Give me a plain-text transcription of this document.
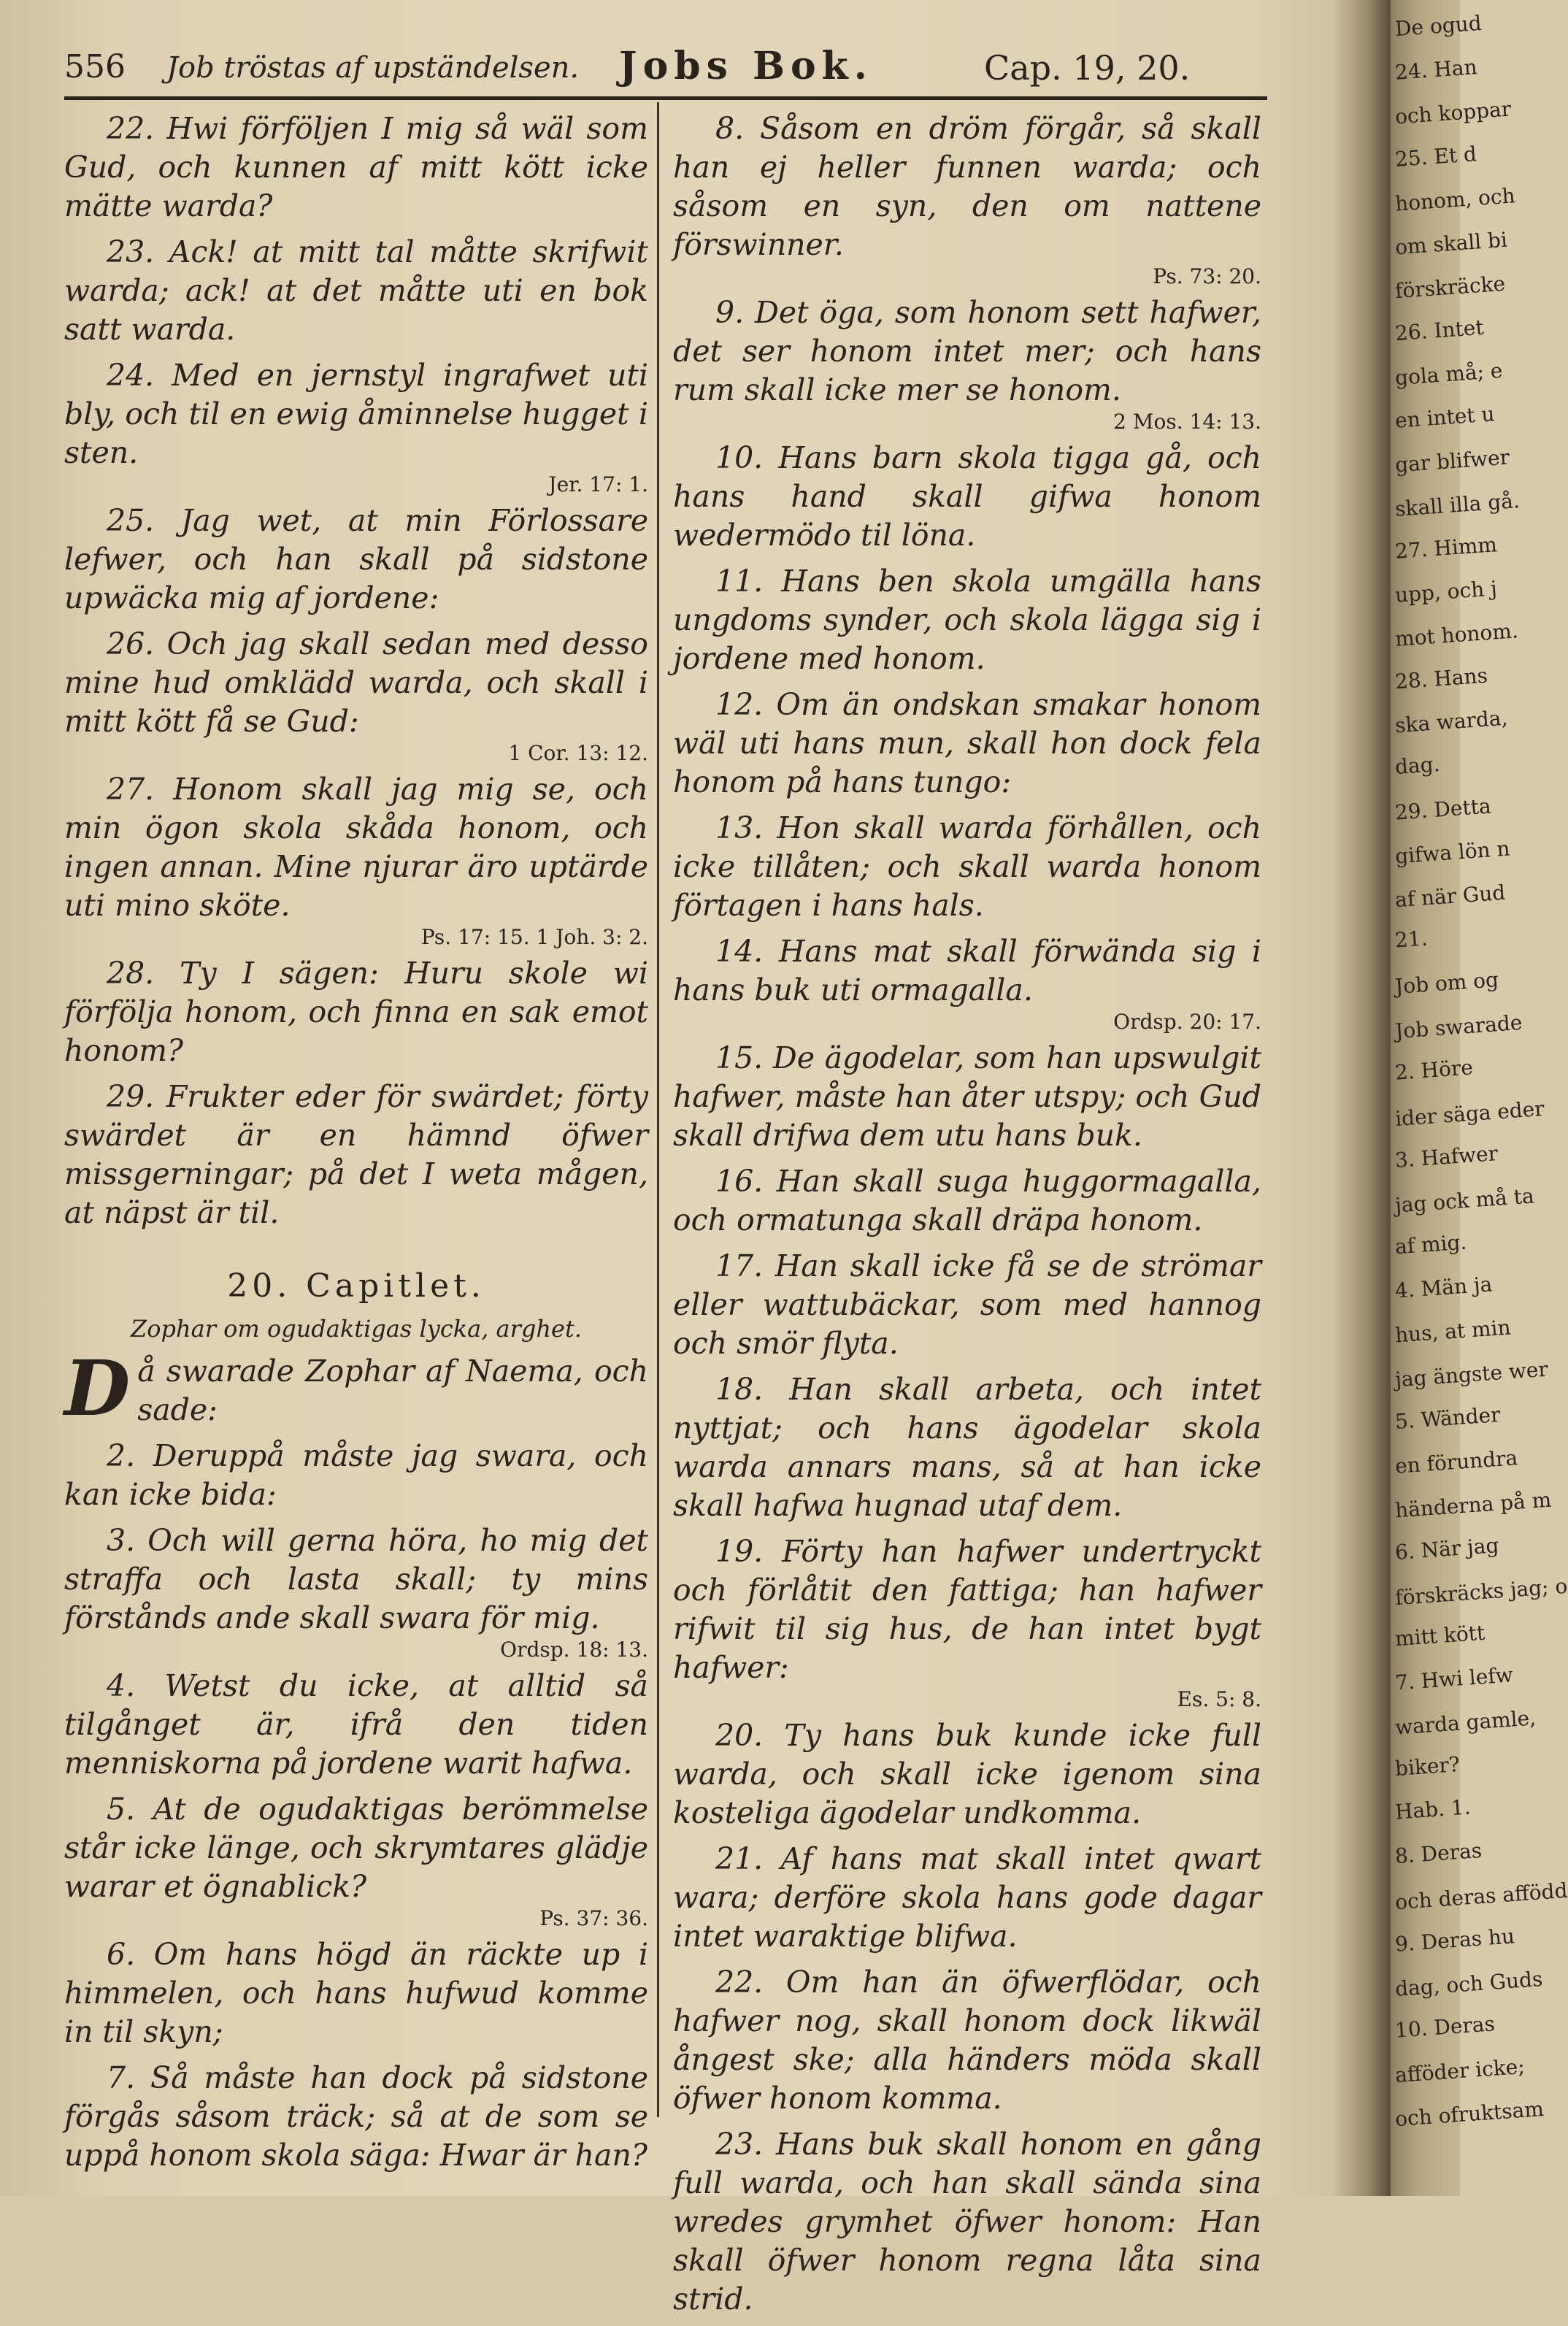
556 Job tröstas af upständelsen. Jobs Bok.	Cap. 19, 20.

22. Hwi förföljen I mig så wäl som Gud, och kunnen af mitt kött icke mätte warda?

23. Ack! at mitt tal måtte skrifwit warda; ack! at det måtte uti en bok satt warda.

24. Med en jernstyl ingrafwet uti bly, och til en ewig åminnelse hugget i sten.

Jer. 17: 1.

25. Jag wet, at min Förlossare lefwer, och han skall på sidstone upwäcka mig af jordene:

26. Och jag skall sedan med desso mine hud omklädd warda, och skall i mitt kött få se Gud:

1 Cor. 13: 12.

27. Honom skall jag mig se, och min ögon skola skåda honom, och ingen annan. Mine njurar äro uptärde uti mino sköte.

Ps. 17: 15. 1 Joh. 3: 2.

28. Ty I sägen: Huru skole wi förfölja honom, och finna en sak emot honom?

29. Frukter eder för swärdet; förty swärdet är en hämnd öfwer missgerningar; på det I weta mågen, at näpst är til.

20. Capitlet.
Zophar om ogudaktigas lycka, arghet.

Då swarade Zophar af Naema, och sade:

2. Deruppå måste jag swara, och kan icke bida:

3. Och will gerna höra, ho mig det straffa och lasta skall; ty mins förstånds ande skall swara för mig.

Ordsp. 18: 13.

4. Wetst du icke, at alltid så tilgånget är, ifrå den tiden menniskorna på jordene warit hafwa.

5. At de ogudaktigas berömmelse står icke länge, och skrymtares glädje warar et ögnablick?

Ps. 37: 36.

6. Om hans högd än räckte up i himmelen, och hans hufwud komme in til skyn;

7. Så måste han dock på sidstone förgås såsom träck; så at de som se uppå honom skola säga: Hwar är han?

8. Såsom en dröm förgår, så skall han ej heller funnen warda; och såsom en syn, den om nattene förswinner.

Ps. 73: 20.

9. Det öga, som honom sett hafwer, det ser honom intet mer; och hans rum skall icke mer se honom.

2 Mos. 14: 13.

10. Hans barn skola tigga gå, och hans hand skall gifwa honom wedermödo til löna.

11. Hans ben skola umgälla hans ungdoms synder, och skola lägga sig i jordene med honom.

12. Om än ondskan smakar honom wäl uti hans mun, skall hon dock fela honom på hans tungo:

13. Hon skall warda förhållen, och icke tillåten; och skall warda honom förtagen i hans hals.

14. Hans mat skall förwända sig i hans buk uti ormagalla.

Ordsp. 20: 17.

15. De ägodelar, som han upswulgit hafwer, måste han åter utspy; och Gud skall drifwa dem utu hans buk.

16. Han skall suga huggormagalla, och ormatunga skall dräpa honom.

17. Han skall icke få se de strömar eller wattubäckar, som med hannog och smör flyta.

18. Han skall arbeta, och intet nyttjat; och hans ägodelar skola warda annars mans, så at han icke skall hafwa hugnad utaf dem.

19. Förty han hafwer undertryckt och förlåtit den fattiga; han hafwer rifwit til sig hus, de han intet bygt hafwer:

Es. 5: 8.

20. Ty hans buk kunde icke full warda, och skall icke igenom sina kosteliga ägodelar undkomma.

21. Af hans mat skall intet qwart wara; derföre skola hans gode dagar intet waraktige blifwa.

22. Om han än öfwerflödar, och hafwer nog, skall honom dock likwäl ångest ske; alla händers möda skall öfwer honom komma.

23. Hans buk skall honom en gång full warda, och han skall sända sina wredes grymhet öfwer honom: Han skall öfwer honom regna låta sina strid.

De ogud
24. Han
och koppar
25. Et d
honom, och
om skall bi
förskräcke
26. Intet
gola må; e
en intet u
gar blifwer
skall illa gå.
27. Himm
upp, och j
mot honom.
28. Hans
ska warda,
dag.
29. Detta
gifwa lön n
af när Gud
21.
Job om og
Job swarade
2. Höre
ider säga eder
3. Hafwer
jag ock må ta
af mig.
4. Män ja
hus, at min
jag ängste wer
5. Wänder
en förundra
händerna på m
6. När jag
förskräcks jag; o
mitt kött
7. Hwi lefw
warda gamle,
biker?
Hab. 1.
8. Deras
och deras affödd
9. Deras hu
dag, och Guds
10. Deras
afföder icke;
och ofruktsam
